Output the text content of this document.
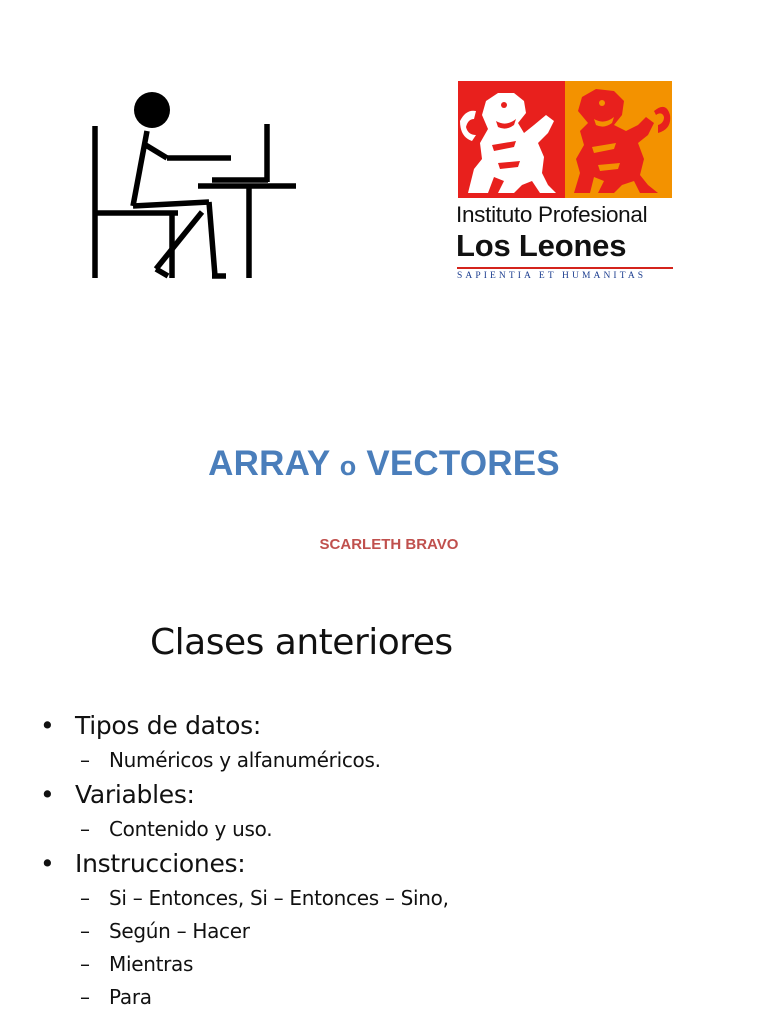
Instituto Profesional
Los Leones
SAPIENTIA ET HUMANITAS
ARRAY o VECTORES
SCARLETH BRAVO
Clases anteriores
• Tipos de datos:
– Numéricos y alfanuméricos.
• Variables:
– Contenido y uso.
• Instrucciones:
– Si – Entonces, Si – Entonces – Sino,
– Según – Hacer
– Mientras
– Para
